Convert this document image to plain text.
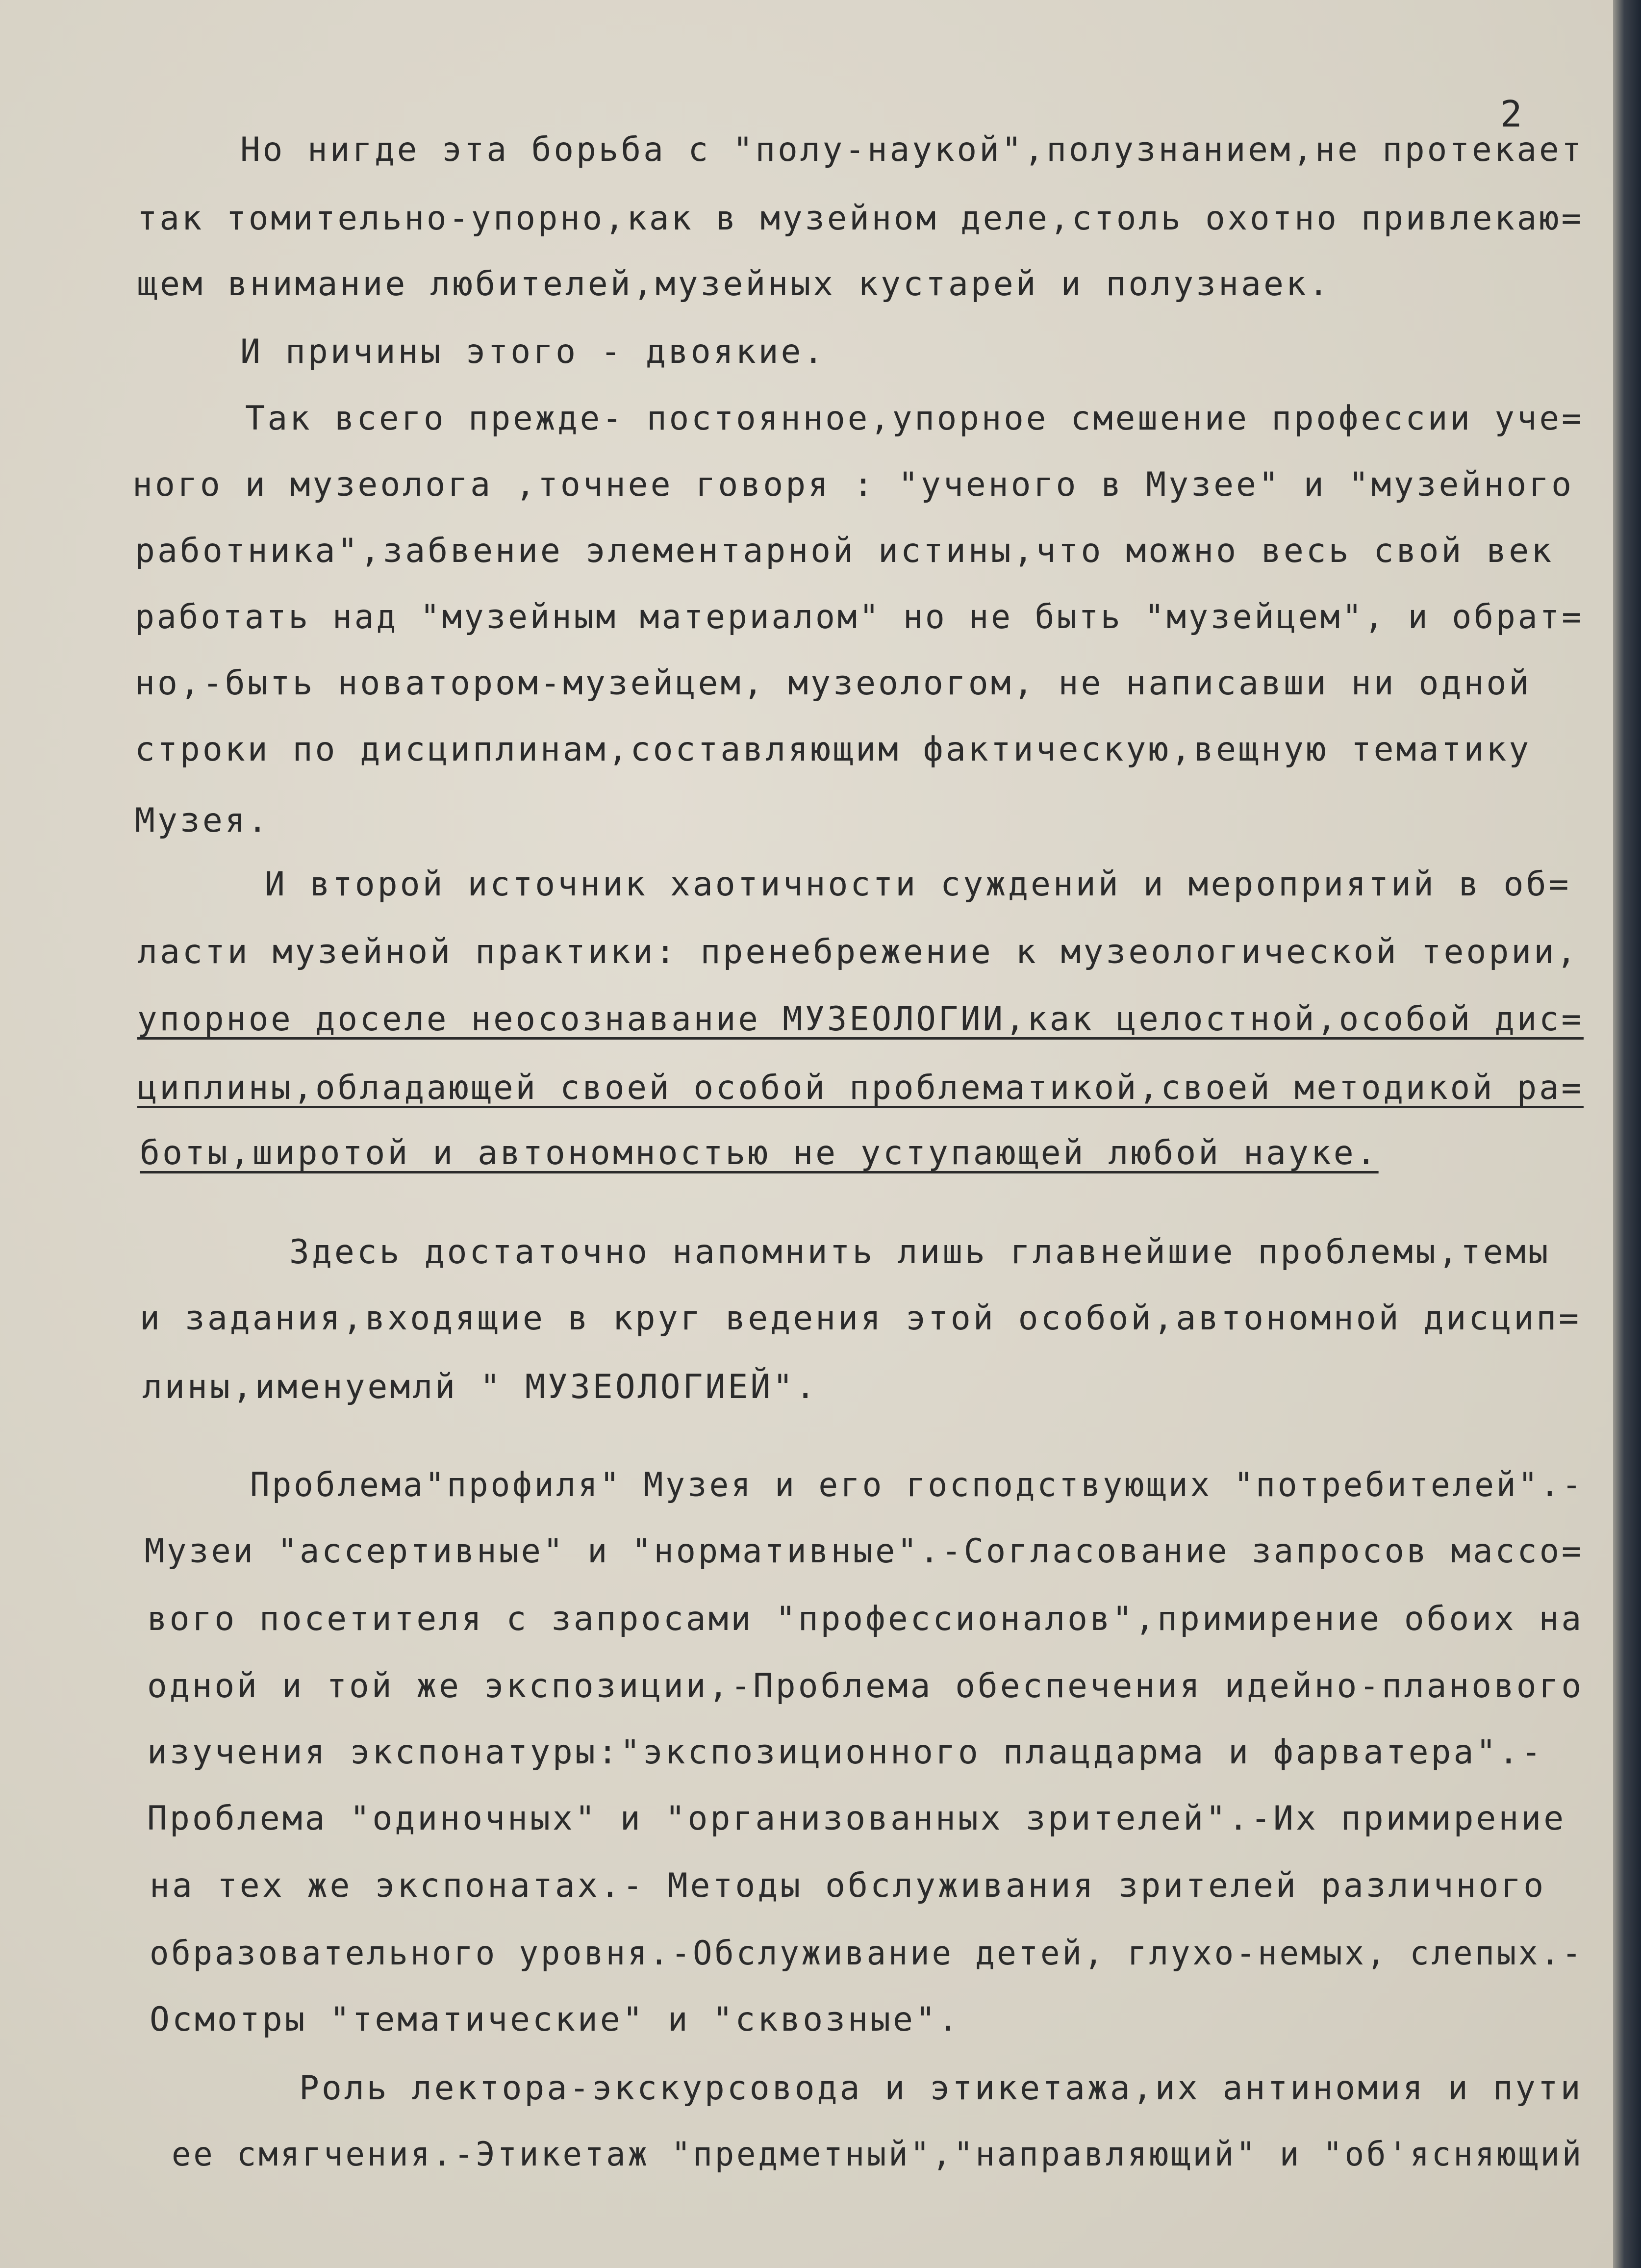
2
Но нигде эта борьба с "полу-наукой",полузнанием,не протекает
так томительно-упорно,как в музейном деле,столь охотно привлекаю=
щем внимание любителей,музейных кустарей и полузнаек.
И причины этого - двоякие.
Так всего прежде- постоянное,упорное смешение профессии уче=
ного и музеолога ,точнее говоря : "ученого в Музее" и "музейного
работника",забвение элементарной истины,что можно весь свой век
работать над "музейным материалом" но не быть "музейцем", и обрат=
но,-быть новатором-музейцем, музеологом, не написавши ни одной
строки по дисциплинам,составляющим фактическую,вещную тематику
Музея.
И второй источник хаотичности суждений и мероприятий в об=
ласти музейной практики: пренебрежение к музеологической теории,
упорное доселе неосознавание МУЗЕОЛОГИИ,как целостной,особой дис=
циплины,обладающей своей особой проблематикой,своей методикой ра=
боты,широтой и автономностью не уступающей любой науке.
Здесь достаточно напомнить лишь главнейшие проблемы,темы
и задания,входящие в круг ведения этой особой,автономной дисцип=
лины,именуемлй " МУЗЕОЛОГИЕЙ".
Проблема"профиля" Музея и его господствующих "потребителей".-
Музеи "ассертивные" и "нормативные".-Согласование запросов массо=
вого посетителя с запросами "профессионалов",примирение обоих на
одной и той же экспозиции,-Проблема обеспечения идейно-планового
изучения экспонатуры:"экспозиционного плацдарма и фарватера".-
Проблема "одиночных" и "организованных зрителей".-Их примирение
на тех же экспонатах.- Методы обслуживания зрителей различного
образовательного уровня.-Обслуживание детей, глухо-немых, слепых.-
Осмотры "тематические" и "сквозные".
Роль лектора-экскурсовода и этикетажа,их антиномия и пути
ее смягчения.-Этикетаж "предметный","направляющий" и "об'ясняющий
